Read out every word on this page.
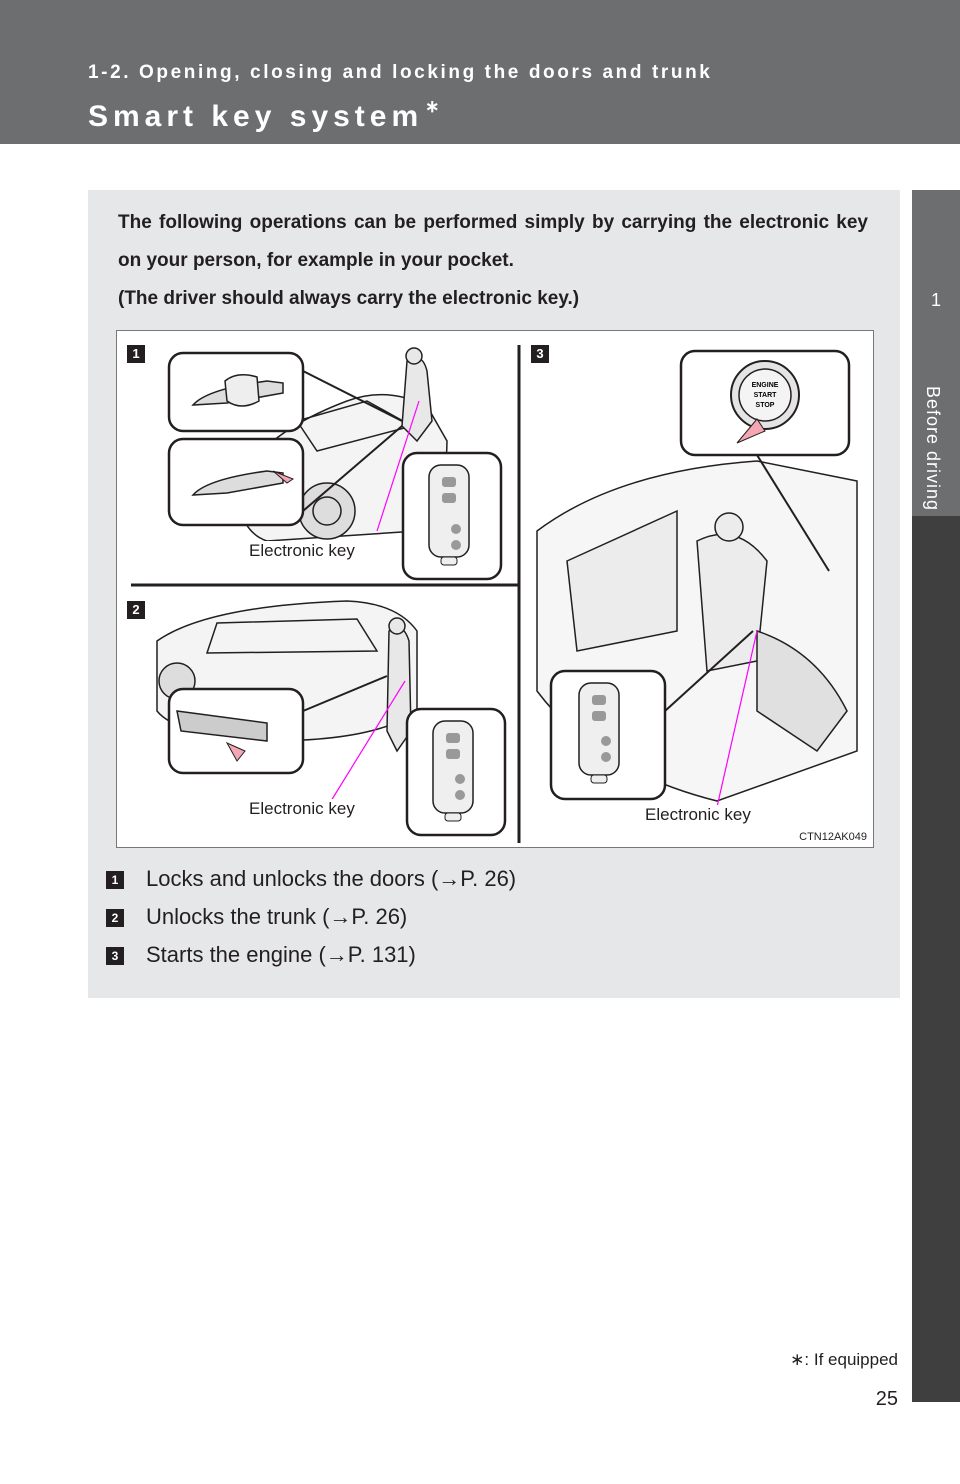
1-2. Opening, closing and locking the doors and trunk
Smart key system ∗
1
Before driving

The following operations can be performed simply by carrying the electronic key on your person, for example in your pocket.

(The driver should always carry the electronic key.)

ENGINE
START
STOP
1
2
3
Electronic key
Electronic key	Electronic key
CTN12AK049
1 Locks and unlocks the doors (→P. 26)
2 Unlocks the trunk (→P. 26)
3 Starts the engine (→P. 131)
∗: If equipped
25
